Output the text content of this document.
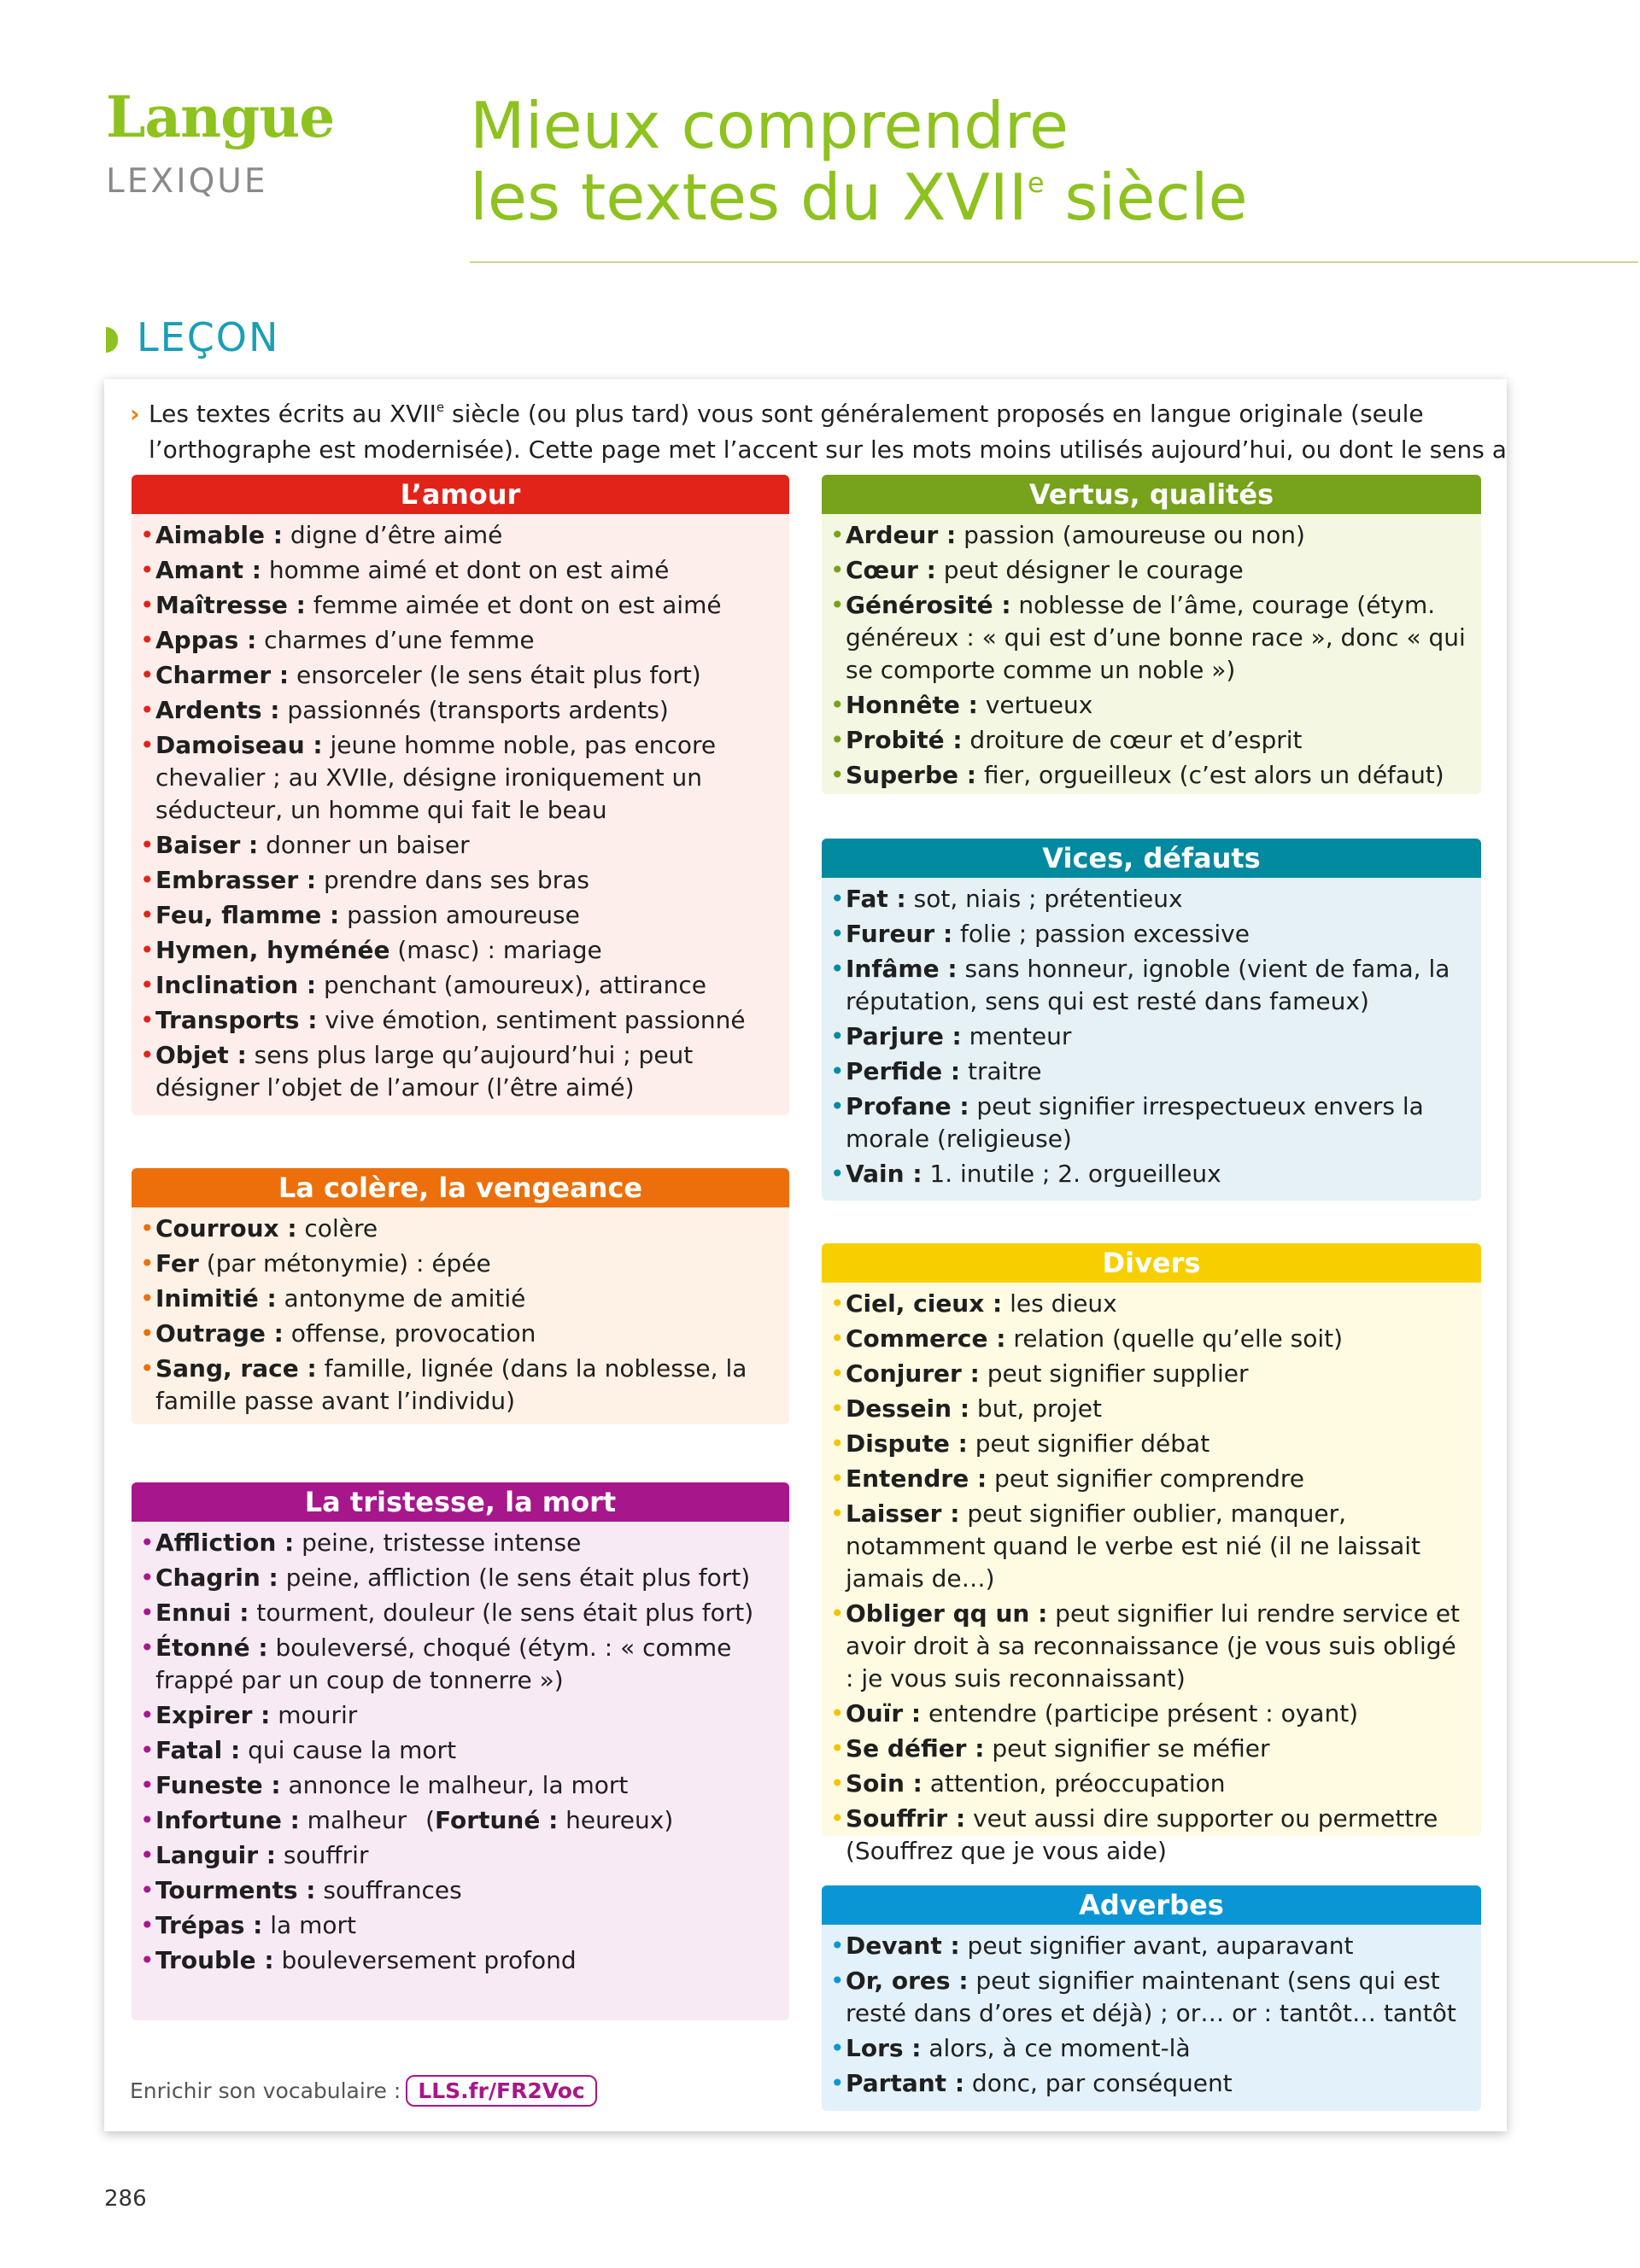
Langue
LEXIQUE
Mieux comprendre
les textes du XVIIe siècle
LEÇON
› Les textes écrits au XVIIe siècle (ou plus tard) vous sont généralement proposés en langue originale (seule l’orthographe est modernisée). Cette page met l’accent sur les mots moins utilisés aujourd’hui, ou dont le sens a
L’amour
• Aimable : digne d’être aimé
• Amant : homme aimé et dont on est aimé
• Maîtresse : femme aimée et dont on est aimé
• Appas : charmes d’une femme
• Charmer : ensorceler (le sens était plus fort)
• Ardents : passionnés (transports ardents)
• Damoiseau : jeune homme noble, pas encore chevalier ; au XVIIe, désigne ironiquement un séducteur, un homme qui fait le beau
• Baiser : donner un baiser
• Embrasser : prendre dans ses bras
• Feu, flamme : passion amoureuse
• Hymen, hyménée (masc) : mariage
• Inclination : penchant (amoureux), attirance
• Transports : vive émotion, sentiment passionné
• Objet : sens plus large qu’aujourd’hui ; peut désigner l’objet de l’amour (l’être aimé)
La colère, la vengeance
• Courroux : colère
• Fer (par métonymie) : épée
• Inimitié : antonyme de amitié
• Outrage : offense, provocation
• Sang, race : famille, lignée (dans la noblesse, la famille passe avant l’individu)
La tristesse, la mort
• Affliction : peine, tristesse intense
• Chagrin : peine, affliction (le sens était plus fort)
• Ennui : tourment, douleur (le sens était plus fort)
• Étonné : bouleversé, choqué (étym. : « comme frappé par un coup de tonnerre »)
• Expirer : mourir
• Fatal : qui cause la mort
• Funeste : annonce le malheur, la mort
• Infortune : malheur (Fortuné : heureux)
• Languir : souffrir
• Tourments : souffrances
• Trépas : la mort
• Trouble : bouleversement profond
Vertus, qualités
• Ardeur : passion (amoureuse ou non)
• Cœur : peut désigner le courage
• Générosité : noblesse de l’âme, courage (étym. généreux : « qui est d’une bonne race », donc « qui se comporte comme un noble »)
• Honnête : vertueux
• Probité : droiture de cœur et d’esprit
• Superbe : fier, orgueilleux (c’est alors un défaut)
Vices, défauts
• Fat : sot, niais ; prétentieux
• Fureur : folie ; passion excessive
• Infâme : sans honneur, ignoble (vient de fama, la réputation, sens qui est resté dans fameux)
• Parjure : menteur
• Perfide : traitre
• Profane : peut signifier irrespectueux envers la morale (religieuse)
• Vain : 1. inutile ; 2. orgueilleux
Divers
• Ciel, cieux : les dieux
• Commerce : relation (quelle qu’elle soit)
• Conjurer : peut signifier supplier
• Dessein : but, projet
• Dispute : peut signifier débat
• Entendre : peut signifier comprendre
• Laisser : peut signifier oublier, manquer, notamment quand le verbe est nié (il ne laissait jamais de…)
• Obliger qq un : peut signifier lui rendre service et avoir droit à sa reconnaissance (je vous suis obligé : je vous suis reconnaissant)
• Ouïr : entendre (participe présent : oyant)
• Se défier : peut signifier se méfier
• Soin : attention, préoccupation
• Souffrir : veut aussi dire supporter ou permettre (Souffrez que je vous aide)
Adverbes
• Devant : peut signifier avant, auparavant
• Or, ores : peut signifier maintenant (sens qui est resté dans d’ores et déjà) ; or… or : tantôt… tantôt
• Lors : alors, à ce moment-là
• Partant : donc, par conséquent
Enrichir son vocabulaire : LLS.fr/FR2Voc
286
